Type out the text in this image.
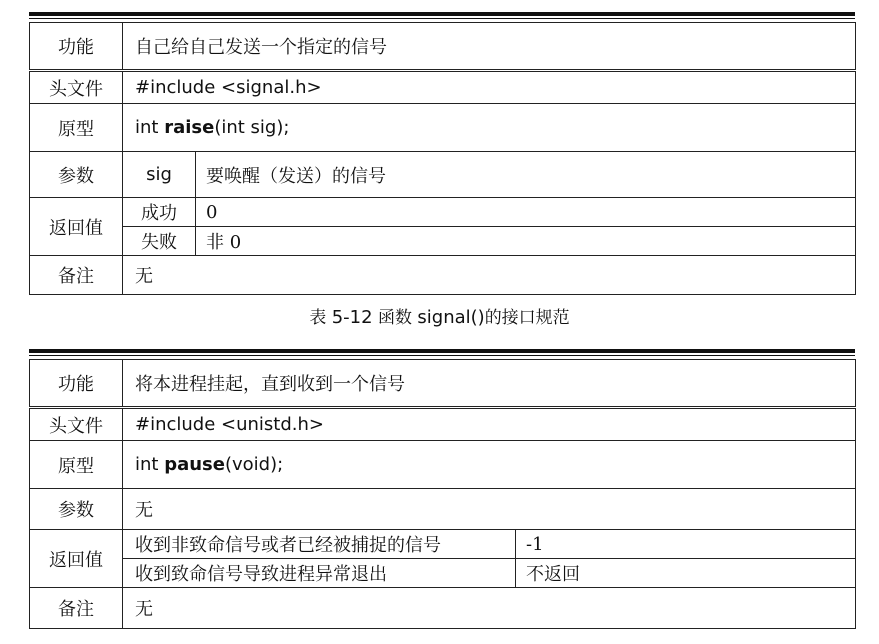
功能	自己给自己发送一个指定的信号	
头文件	#include <signal.h>	
原型	int raise(int sig);	
参数	sig	要唤醒（发送）的信号
返回值	成功	0
	失败	非 0
备注	无	
表 5-12 函数 signal()的接口规范
功能	将本进程挂起，直到收到一个信号	
头文件	#include <unistd.h>	
原型	int pause(void);	
参数	无	
返回值	收到非致命信号或者已经被捕捉的信号	-1
	收到致命信号导致进程异常退出	不返回
备注	无	
